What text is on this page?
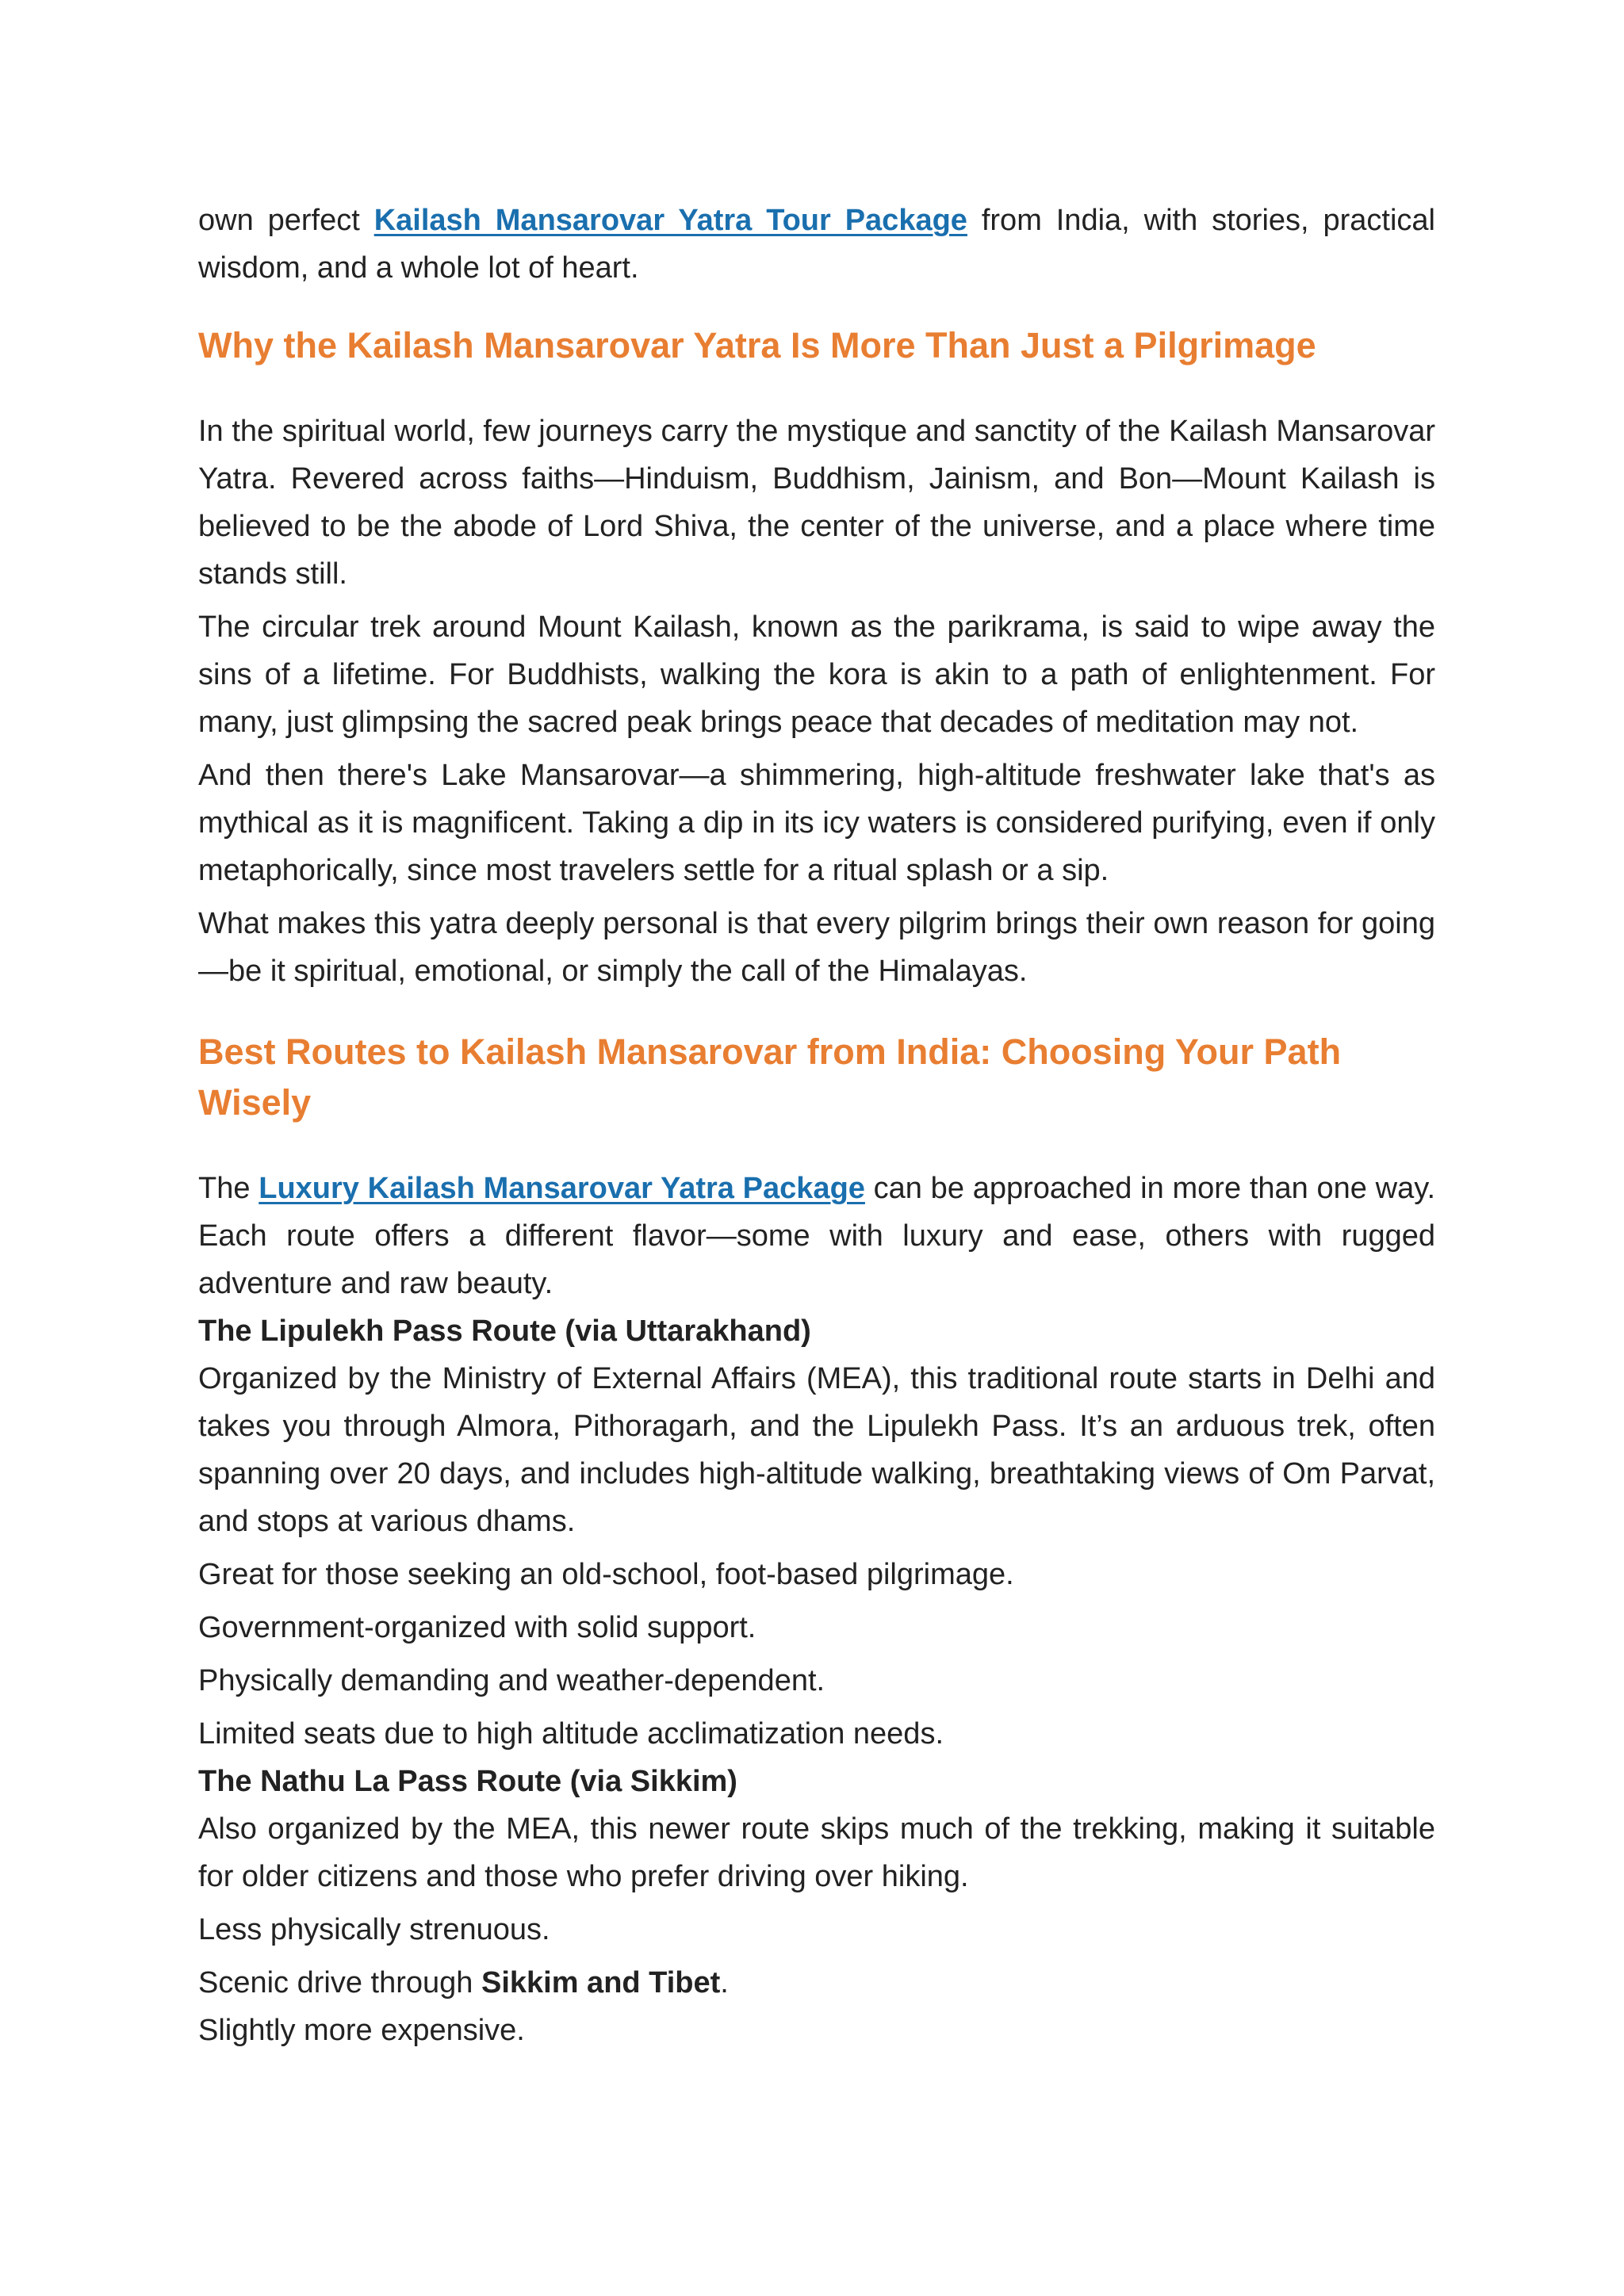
own perfect Kailash Mansarovar Yatra Tour Package from India, with stories, practical wisdom, and a whole lot of heart.

Why the Kailash Mansarovar Yatra Is More Than Just a Pilgrimage

In the spiritual world, few journeys carry the mystique and sanctity of the Kailash Mansarovar Yatra. Revered across faiths—Hinduism, Buddhism, Jainism, and Bon—Mount Kailash is believed to be the abode of Lord Shiva, the center of the universe, and a place where time stands still.

The circular trek around Mount Kailash, known as the parikrama, is said to wipe away the sins of a lifetime. For Buddhists, walking the kora is akin to a path of enlightenment. For many, just glimpsing the sacred peak brings peace that decades of meditation may not.

And then there's Lake Mansarovar—a shimmering, high-altitude freshwater lake that's as mythical as it is magnificent. Taking a dip in its icy waters is considered purifying, even if only metaphorically, since most travelers settle for a ritual splash or a sip.

What makes this yatra deeply personal is that every pilgrim brings their own reason for going—be it spiritual, emotional, or simply the call of the Himalayas.

Best Routes to Kailash Mansarovar from India: Choosing Your Path Wisely

The Luxury Kailash Mansarovar Yatra Package can be approached in more than one way. Each route offers a different flavor—some with luxury and ease, others with rugged adventure and raw beauty.

The Lipulekh Pass Route (via Uttarakhand)

Organized by the Ministry of External Affairs (MEA), this traditional route starts in Delhi and takes you through Almora, Pithoragarh, and the Lipulekh Pass. It’s an arduous trek, often spanning over 20 days, and includes high-altitude walking, breathtaking views of Om Parvat, and stops at various dhams.

Great for those seeking an old-school, foot-based pilgrimage.

Government-organized with solid support.

Physically demanding and weather-dependent.

Limited seats due to high altitude acclimatization needs.

The Nathu La Pass Route (via Sikkim)

Also organized by the MEA, this newer route skips much of the trekking, making it suitable for older citizens and those who prefer driving over hiking.

Less physically strenuous.

Scenic drive through Sikkim and Tibet.

Slightly more expensive.
